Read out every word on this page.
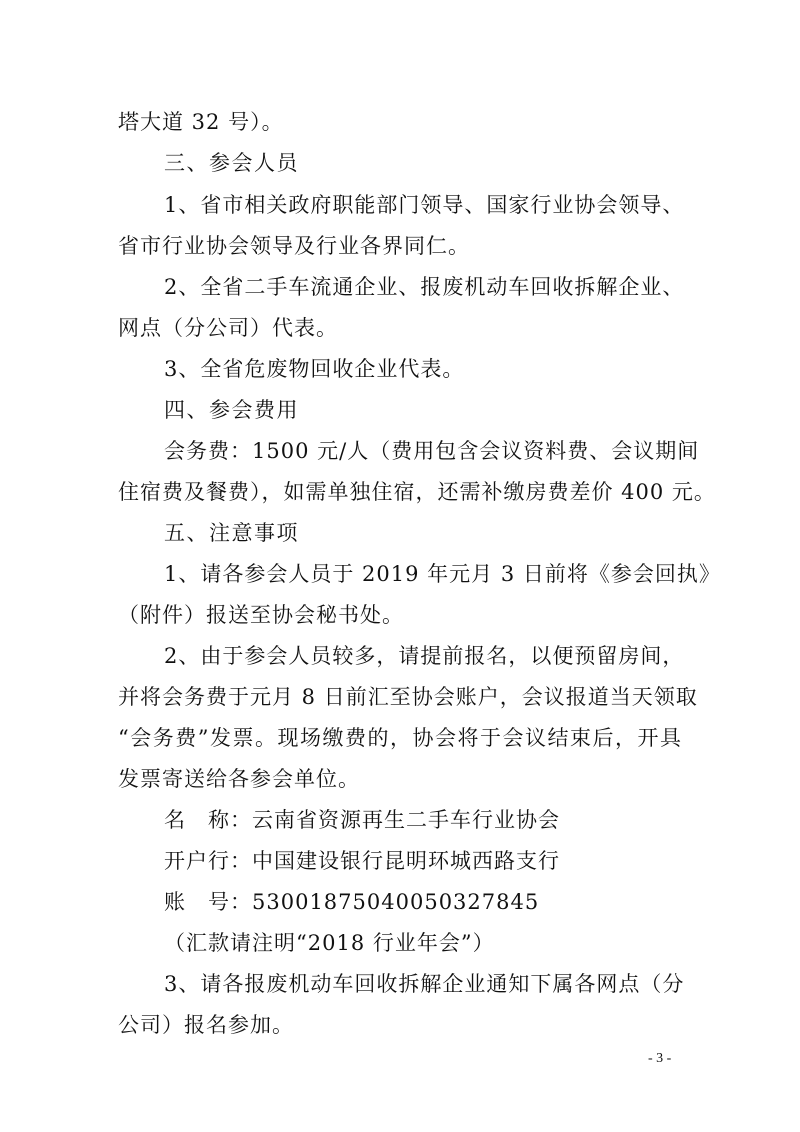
塔大道 32 号）。
三、参会人员
1、省市相关政府职能部门领导、国家行业协会领导、
省市行业协会领导及行业各界同仁。
2、全省二手车流通企业、报废机动车回收拆解企业、
网点（分公司）代表。
3、全省危废物回收企业代表。
四、参会费用
会务费：1500 元/人（费用包含会议资料费、会议期间
住宿费及餐费），如需单独住宿，还需补缴房费差价 400 元。
五、注意事项
1、请各参会人员于 2019 年元月 3 日前将《参会回执》
（附件）报送至协会秘书处。
2、由于参会人员较多，请提前报名，以便预留房间，
并将会务费于元月 8 日前汇至协会账户，会议报道当天领取
“会务费”发票。现场缴费的，协会将于会议结束后，开具
发票寄送给各参会单位。
名　称：云南省资源再生二手车行业协会
开户行：中国建设银行昆明环城西路支行
账　号：53001875040050327845
（汇款请注明“2018 行业年会”）
3、请各报废机动车回收拆解企业通知下属各网点（分
公司）报名参加。
- 3 -
